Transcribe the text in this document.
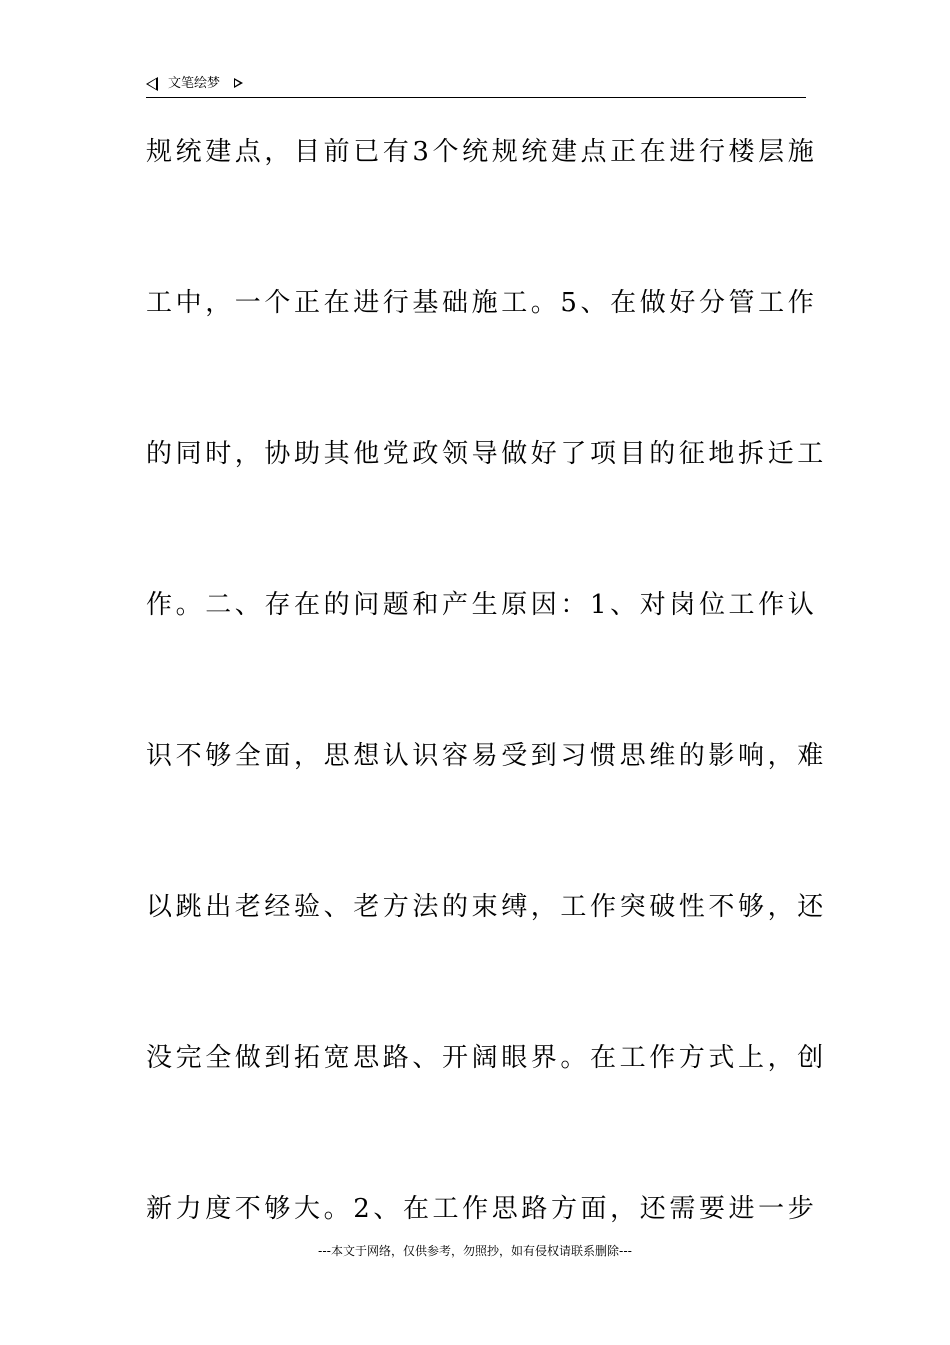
文笔绘梦
规统建点，目前已有3个统规统建点正在进行楼层施
工中，一个正在进行基础施工。5、在做好分管工作
的同时，协助其他党政领导做好了项目的征地拆迁工
作。二、存在的问题和产生原因：1、对岗位工作认
识不够全面，思想认识容易受到习惯思维的影响，难
以跳出老经验、老方法的束缚，工作突破性不够，还
没完全做到拓宽思路、开阔眼界。在工作方式上，创
新力度不够大。2、在工作思路方面，还需要进一步
---本文于网络，仅供参考，勿照抄，如有侵权请联系删除---
